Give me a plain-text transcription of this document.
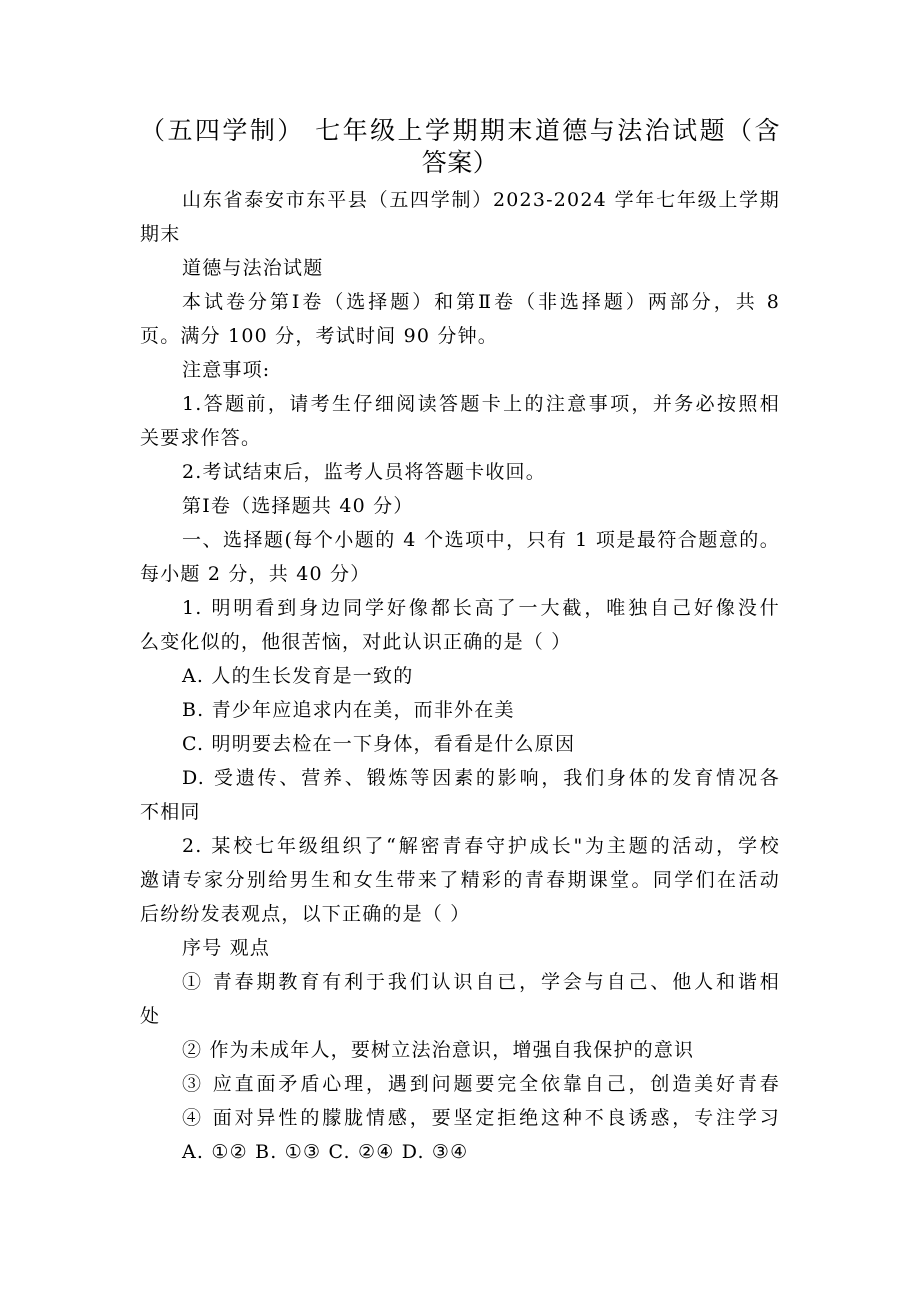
（五四学制） 七年级上学期期末道德与法治试题（含
答案）
山东省泰安市东平县（五四学制）2023-2024 学年七年级上学期
期末
道德与法治试题
本试卷分第Ⅰ卷（选择题）和第Ⅱ卷（非选择题）两部分，共 8
页。满分 100 分，考试时间 90 分钟。
注意事项:
1.答题前，请考生仔细阅读答题卡上的注意事项，并务必按照相
关要求作答。
2.考试结束后，监考人员将答题卡收回。
第Ⅰ卷（选择题共 40 分）
一、选择题(每个小题的 4 个选项中，只有 1 项是最符合题意的。
每小题 2 分，共 40 分）
1. 明明看到身边同学好像都长高了一大截，唯独自己好像没什
么变化似的，他很苦恼，对此认识正确的是（ ）
A. 人的生长发育是一致的
B. 青少年应追求内在美，而非外在美
C. 明明要去检在一下身体，看看是什么原因
D. 受遗传、营养、锻炼等因素的影响，我们身体的发育情况各
不相同
2. 某校七年级组织了“解密青春守护成长"为主题的活动，学校
邀请专家分别给男生和女生带来了精彩的青春期课堂。同学们在活动
后纷纷发表观点，以下正确的是（ ）
序号 观点
① 青春期教育有利于我们认识自已，学会与自己、他人和谐相
处
② 作为未成年人，要树立法治意识，增强自我保护的意识
③ 应直面矛盾心理，遇到问题要完全依靠自己，创造美好青春
④ 面对异性的朦胧情感，要坚定拒绝这种不良诱惑，专注学习
A. ①② B. ①③ C. ②④ D. ③④
